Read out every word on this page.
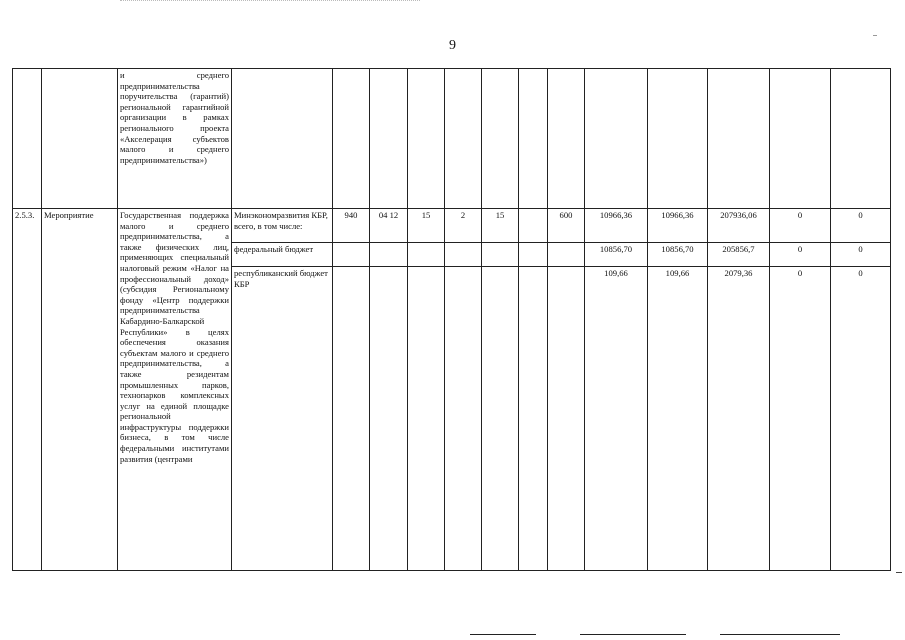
9
		и среднего предпринимательства поручительства (гарантий) региональной гарантийной организации в рамках регионального проекта «Акселерация субъектов малого и среднего предпринимательства»)													
2.5.3.	Мероприятие	Государственная поддержка малого и среднего предпринимательства, а также физических лиц, применяющих специальный налоговый режим «Налог на профессиональный доход» (субсидия Региональному фонду «Центр поддержки предпринимательства Кабардино-Балкарской Республики» в целях обеспечения оказания субъектам малого и среднего предпринимательства, а также резидентам промышленных парков, технопарков комплексных услуг на единой площадке региональной инфраструктуры поддержки бизнеса, в том числе федеральными институтами развития (центрами	Минэкономразвития КБР, всего, в том числе:	940	04 12	15	2	15		600	10966,36	10966,36	207936,06	0	0
			федеральный бюджет								10856,70	10856,70	205856,7	0	0
			республиканский бюджет КБР								109,66	109,66	2079,36	0	0
